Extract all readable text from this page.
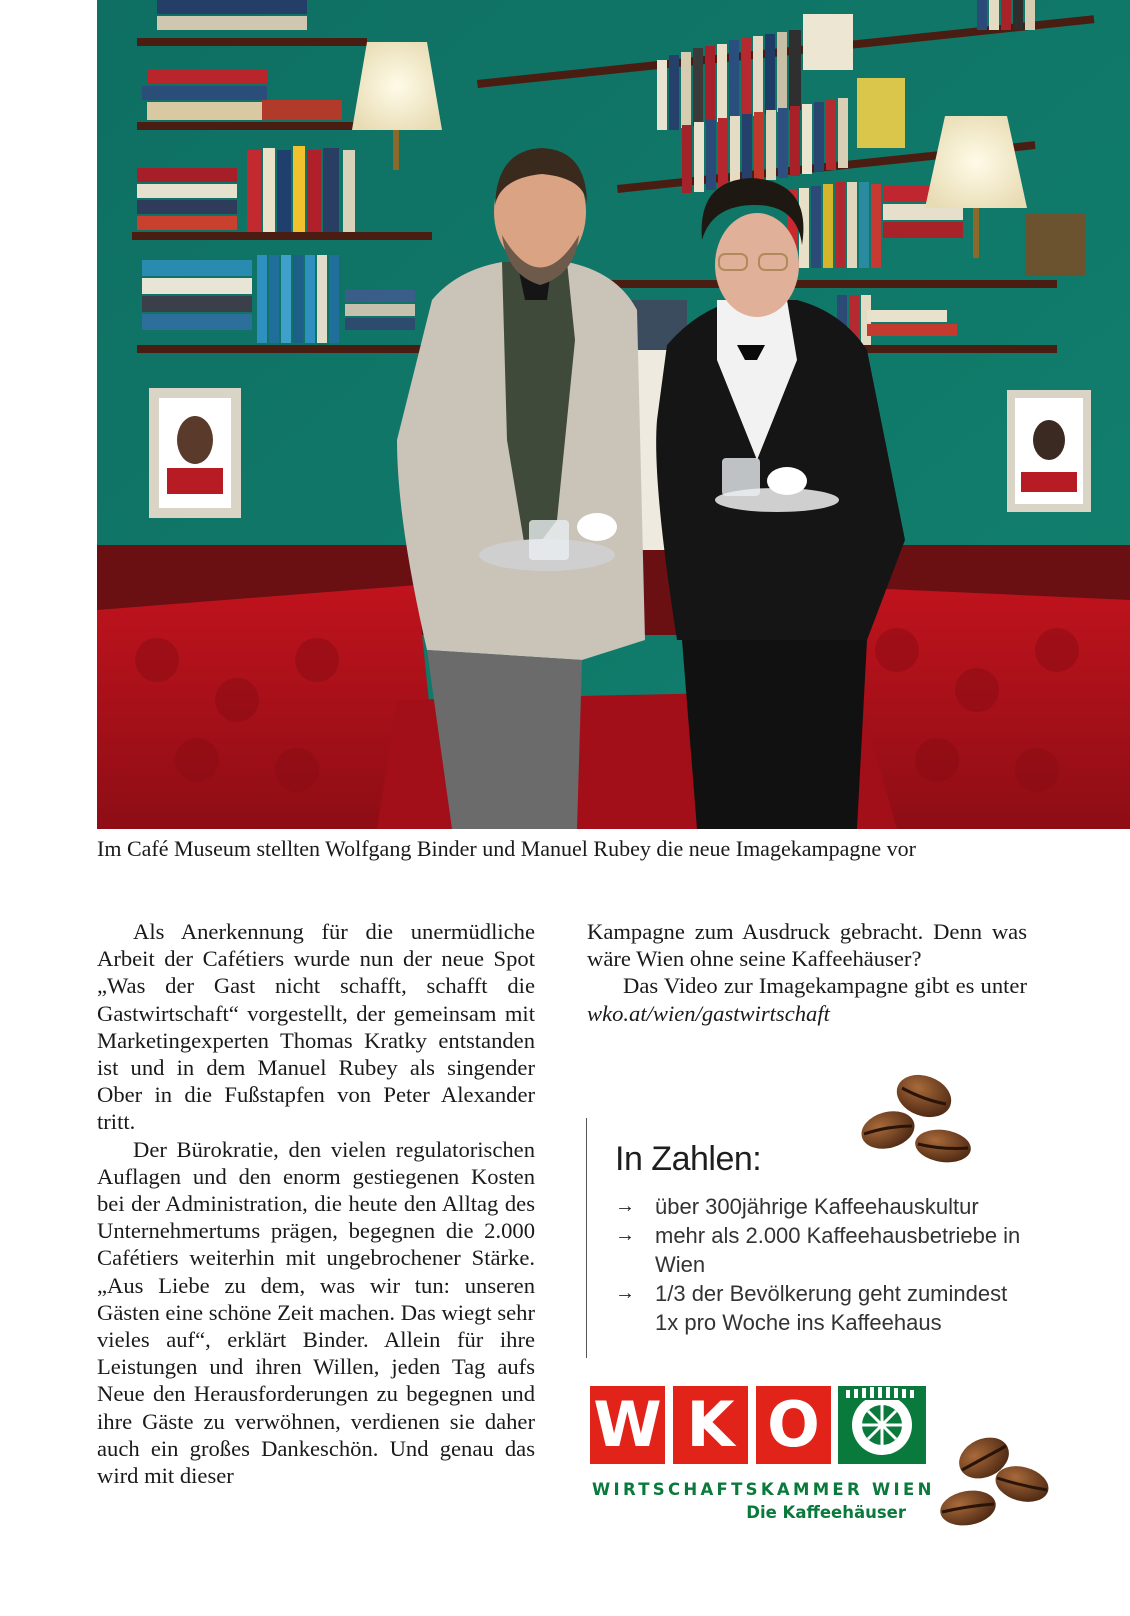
Im Café Museum stellten Wolfgang Binder und Manuel Rubey die neue Imagekampagne vor

Als Anerkennung für die unermüdliche Arbeit der Cafétiers wurde nun der neue Spot „Was der Gast nicht schafft, schafft die Gastwirtschaft“ vorgestellt, der gemeinsam mit Marketingexperten Thomas Kratky entstanden ist und in dem Manuel Rubey als singender Ober in die Fußstapfen von Peter Alexander tritt.

Der Bürokratie, den vielen regulatorischen Auflagen und den enorm gestiegenen Kosten bei der Administration, die heute den Alltag des Unternehmertums prägen, begegnen die 2.000 Cafétiers weiterhin mit ungebrochener Stärke. „Aus Liebe zu dem, was wir tun: unseren Gästen eine schöne Zeit machen. Das wiegt sehr vieles auf“, erklärt Binder. Allein für ihre Leistungen und ihren Willen, jeden Tag aufs Neue den Herausforderungen zu begegnen und ihre Gäste zu verwöhnen, verdienen sie daher auch ein großes Dankeschön. Und genau das wird mit dieser

Kampagne zum Ausdruck gebracht. Denn was wäre Wien ohne seine Kaffeehäuser?

Das Video zur Imagekampagne gibt es unter wko.at/wien/gastwirtschaft

In Zahlen:
→ über 300jährige Kaffeehauskultur
→ mehr als 2.000 Kaffeehausbetriebe in Wien
→ 1/3 der Bevölkerung geht zumindest 1x pro Woche ins Kaffeehaus
W K O
WIRTSCHAFTSKAMMER WIEN
Die Kaffeehäuser
